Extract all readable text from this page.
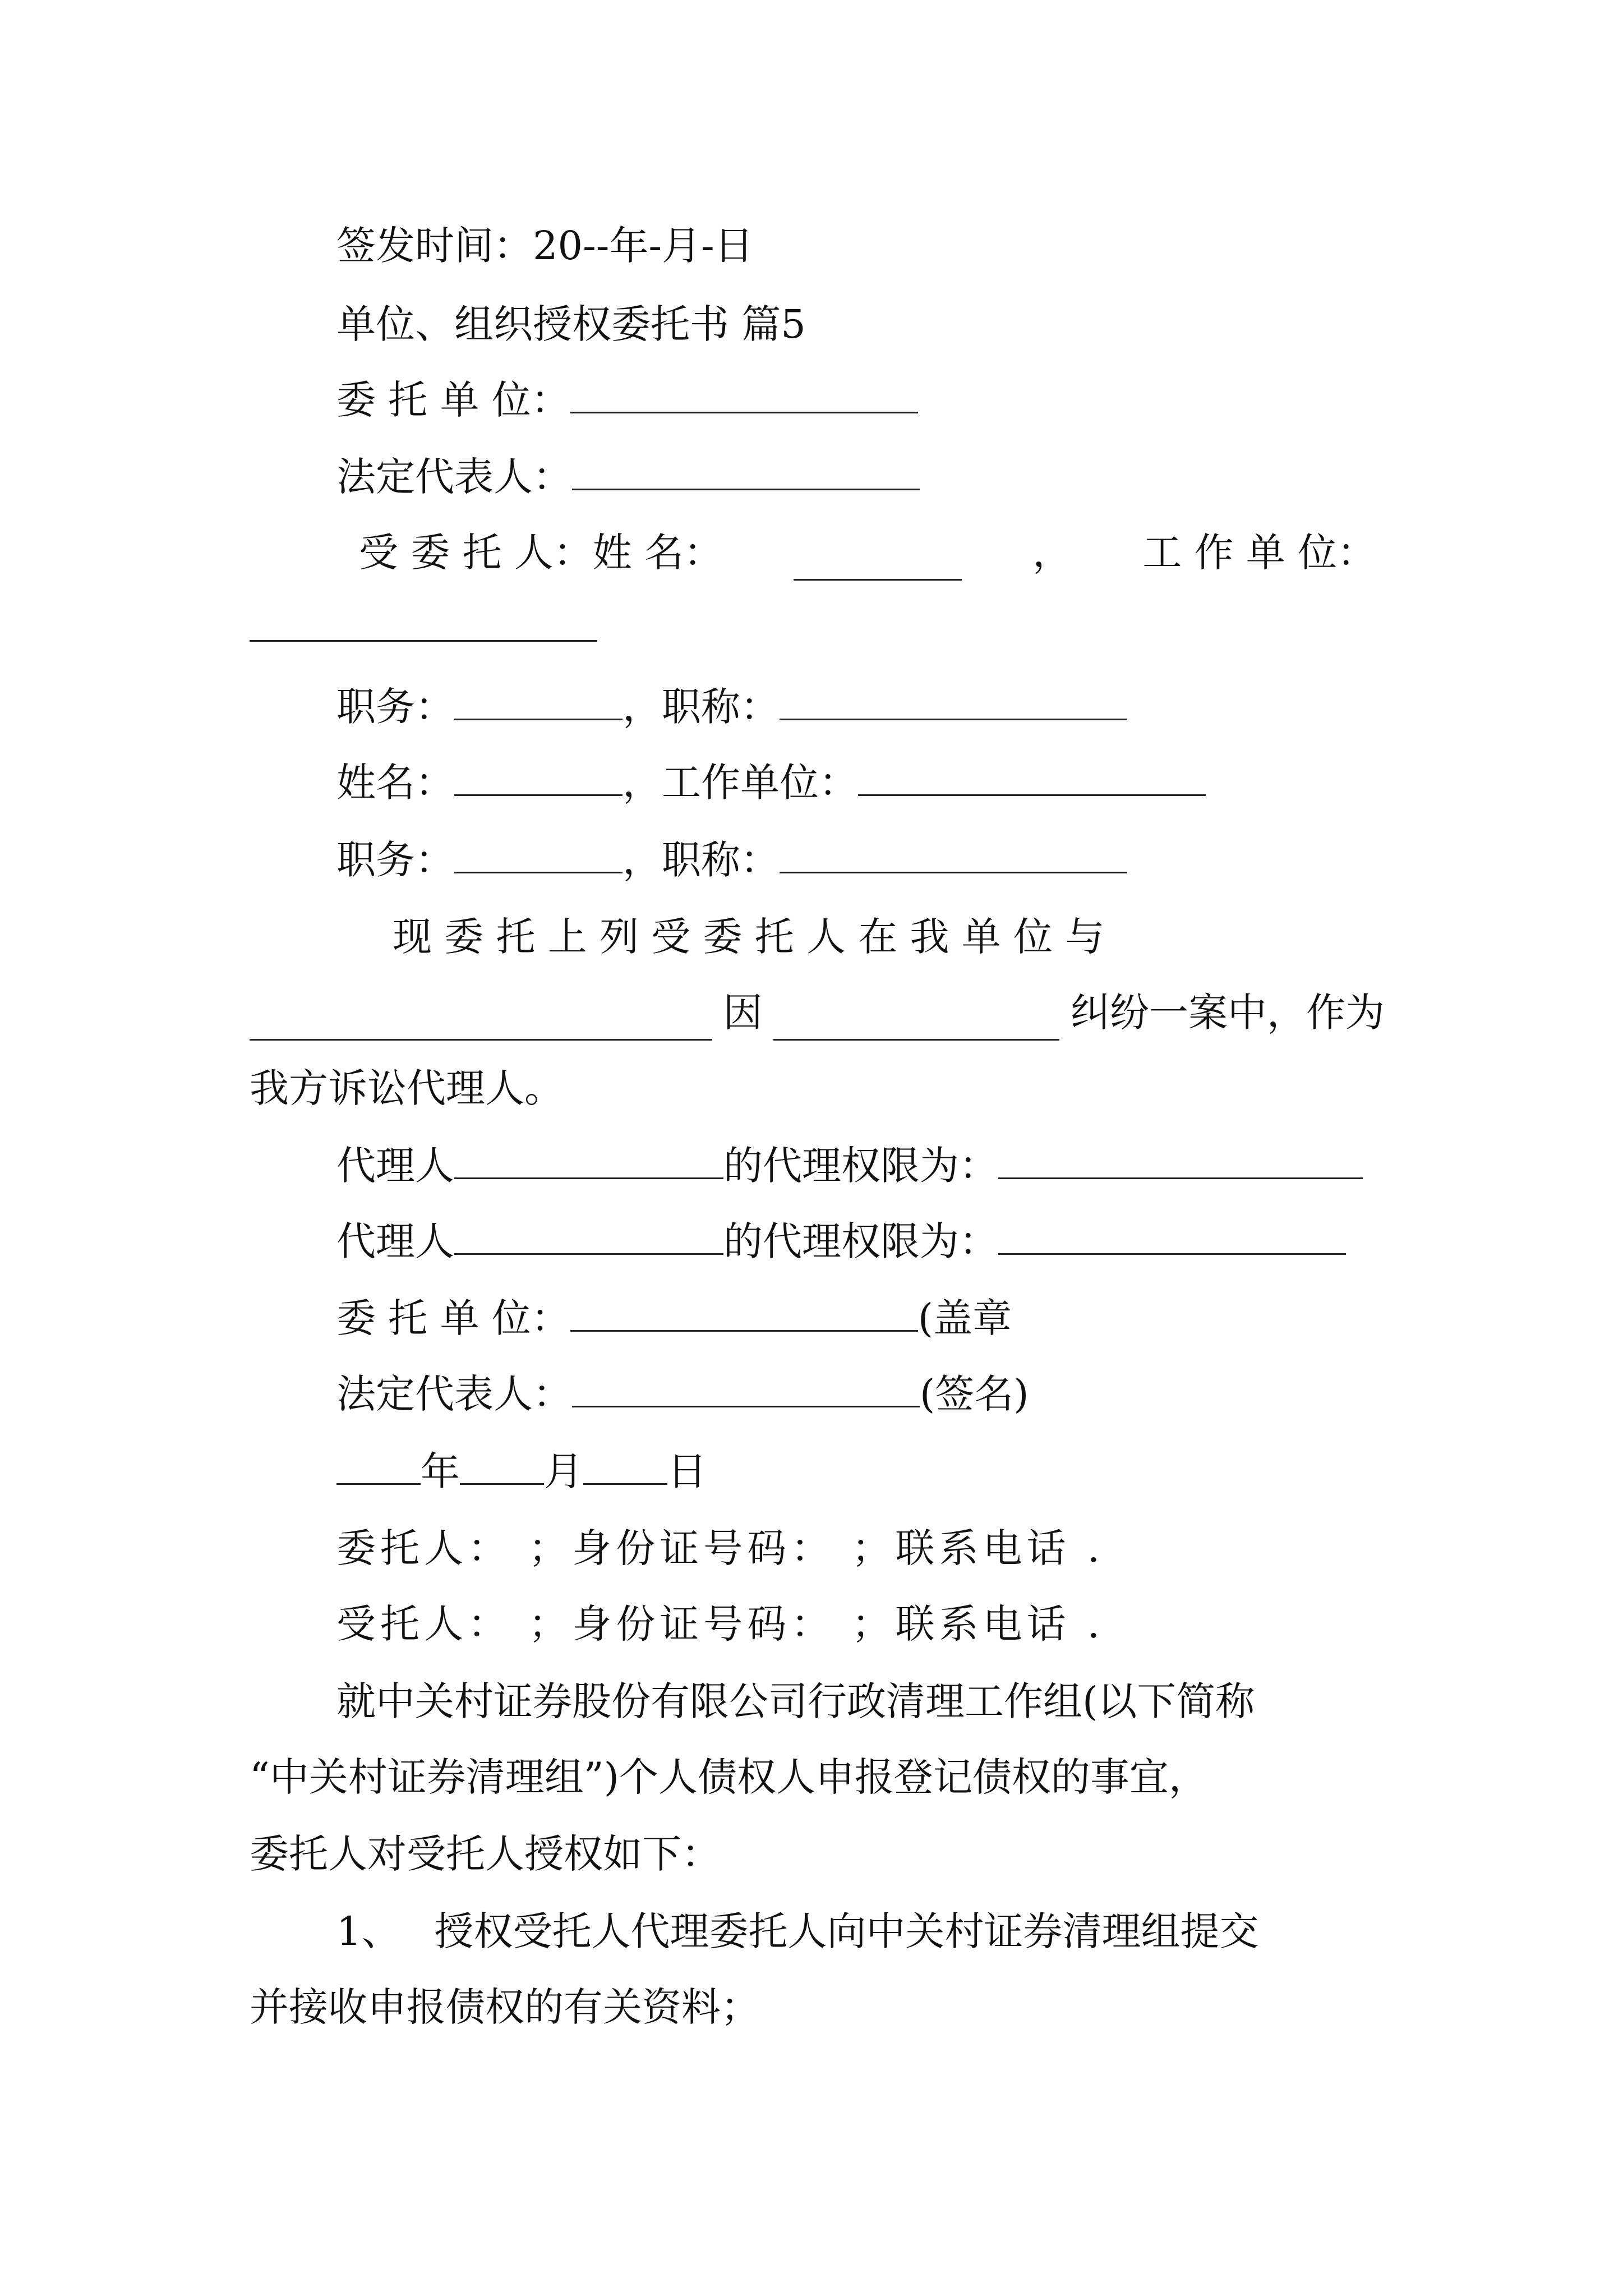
签发时间：20--年-月-日
单位、组织授权委托书 篇5
委 托 单 位：
法定代表人：
受 委 托 人：姓 名：	， 工 作 单 位：
职务：	，职称：
姓名：	，工作单位：
职务：	，职称：
现 委 托 上 列 受 委 托 人 在 我 单 位 与
因	纠纷一案中，作为
我方诉讼代理人。
代理人	的代理权限为：
代理人	的代理权限为：
委 托 单 位：	(盖章
法定代表人：	(签名)
年 月 日
委托人： ；身份证号码： ；联系电话 .
受托人： ；身份证号码： ；联系电话 .
就中关村证券股份有限公司行政清理工作组(以下简称
“中关村证券清理组”)个人债权人申报登记债权的事宜，
委托人对受托人授权如下：
1、 授权受托人代理委托人向中关村证券清理组提交
并接收申报债权的有关资料；
